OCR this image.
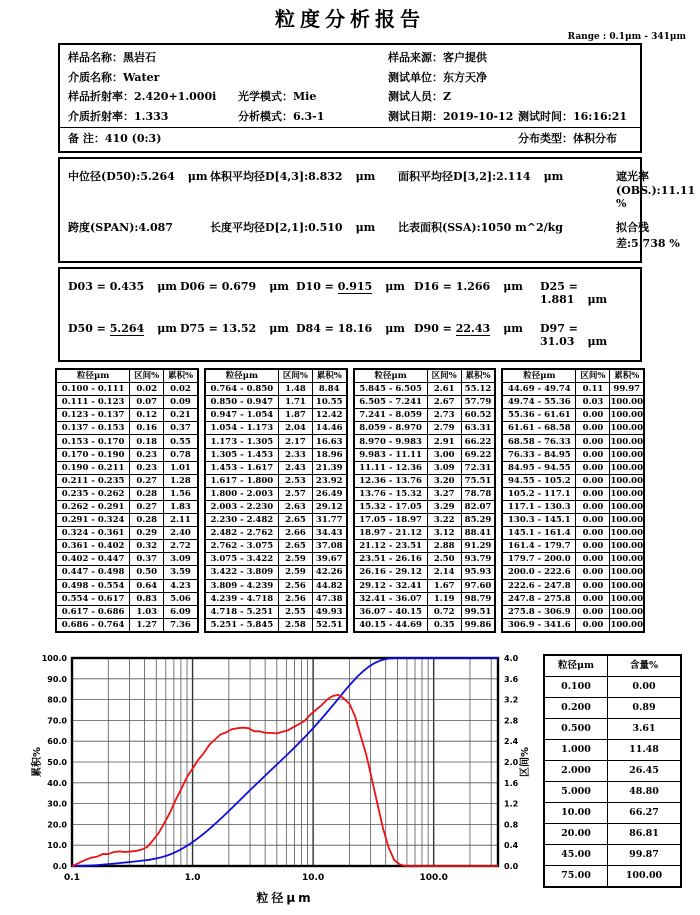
粒度分析报告
Range : 0.1μm - 341μm
样品名称：黑岩石	样品来源：客户提供
介质名称：Water	测试单位：东方天净
样品折射率：2.420+1.000i	光学模式：Mie	测试人员：Z
介质折射率：1.333	分析模式：6.3-1	测试日期：2019-10-12 测试时间：16:16:21
备 注：410 (0:3)	分布类型：体积分布
中位径(D50):5.264 μm 体积平均径D[4,3]:8.832 μm	面积平均径D[3,2]:2.114 μm	遮光率(OBS.):11.11 %
跨度(SPAN):4.087	长度平均径D[2,1]:0.510 μm	比表面积(SSA):1050 m^2/kg	拟合残差:5.738 %
D03 = 0.435 μm D06 = 0.679 μm D10 = 0.915 μm D16 = 1.266 μm	D25 = 1.881 μm
D50 = 5.264 μm D75 = 13.52 μm D84 = 18.16 μm D90 = 22.43 μm	D97 = 31.03 μm
粒径μm	区间%	累积%
0.100 - 0.111	0.02	0.02
0.111 - 0.123	0.07	0.09
0.123 - 0.137	0.12	0.21
0.137 - 0.153	0.16	0.37
0.153 - 0.170	0.18	0.55
0.170 - 0.190	0.23	0.78
0.190 - 0.211	0.23	1.01
0.211 - 0.235	0.27	1.28
0.235 - 0.262	0.28	1.56
0.262 - 0.291	0.27	1.83
0.291 - 0.324	0.28	2.11
0.324 - 0.361	0.29	2.40
0.361 - 0.402	0.32	2.72
0.402 - 0.447	0.37	3.09
0.447 - 0.498	0.50	3.59
0.498 - 0.554	0.64	4.23
0.554 - 0.617	0.83	5.06
0.617 - 0.686	1.03	6.09
0.686 - 0.764	1.27	7.36
粒径μm	区间%	累积%
0.764 - 0.850	1.48	8.84
0.850 - 0.947	1.71	10.55
0.947 - 1.054	1.87	12.42
1.054 - 1.173	2.04	14.46
1.173 - 1.305	2.17	16.63
1.305 - 1.453	2.33	18.96
1.453 - 1.617	2.43	21.39
1.617 - 1.800	2.53	23.92
1.800 - 2.003	2.57	26.49
2.003 - 2.230	2.63	29.12
2.230 - 2.482	2.65	31.77
2.482 - 2.762	2.66	34.43
2.762 - 3.075	2.65	37.08
3.075 - 3.422	2.59	39.67
3.422 - 3.809	2.59	42.26
3.809 - 4.239	2.56	44.82
4.239 - 4.718	2.56	47.38
4.718 - 5.251	2.55	49.93
5.251 - 5.845	2.58	52.51
粒径μm	区间%	累积%
5.845 - 6.505	2.61	55.12
6.505 - 7.241	2.67	57.79
7.241 - 8.059	2.73	60.52
8.059 - 8.970	2.79	63.31
8.970 - 9.983	2.91	66.22
9.983 - 11.11	3.00	69.22
11.11 - 12.36	3.09	72.31
12.36 - 13.76	3.20	75.51
13.76 - 15.32	3.27	78.78
15.32 - 17.05	3.29	82.07
17.05 - 18.97	3.22	85.29
18.97 - 21.12	3.12	88.41
21.12 - 23.51	2.88	91.29
23.51 - 26.16	2.50	93.79
26.16 - 29.12	2.14	95.93
29.12 - 32.41	1.67	97.60
32.41 - 36.07	1.19	98.79
36.07 - 40.15	0.72	99.51
40.15 - 44.69	0.35	99.86
粒径μm	区间%	累积%
44.69 - 49.74	0.11	99.97
49.74 - 55.36	0.03	100.00
55.36 - 61.61	0.00	100.00
61.61 - 68.58	0.00	100.00
68.58 - 76.33	0.00	100.00
76.33 - 84.95	0.00	100.00
84.95 - 94.55	0.00	100.00
94.55 - 105.2	0.00	100.00
105.2 - 117.1	0.00	100.00
117.1 - 130.3	0.00	100.00
130.3 - 145.1	0.00	100.00
145.1 - 161.4	0.00	100.00
161.4 - 179.7	0.00	100.00
179.7 - 200.0	0.00	100.00
200.0 - 222.6	0.00	100.00
222.6 - 247.8	0.00	100.00
247.8 - 275.8	0.00	100.00
275.8 - 306.9	0.00	100.00
306.9 - 341.6	0.00	100.00
0.0
10.0
20.0
30.0
40.0
50.0
60.0
70.0
80.0
90.0
100.0
0.0
0.4
0.8
1.2
1.6
2.0
2.4
2.8
3.2
3.6
4.0
0.1	1.0	10.0	100.0
粒径μm
累积%	区间%
粒径μm	含量%
0.100	0.00
0.200	0.89
0.500	3.61
1.000	11.48
2.000	26.45
5.000	48.80
10.00	66.27
20.00	86.81
45.00	99.87
75.00	100.00
